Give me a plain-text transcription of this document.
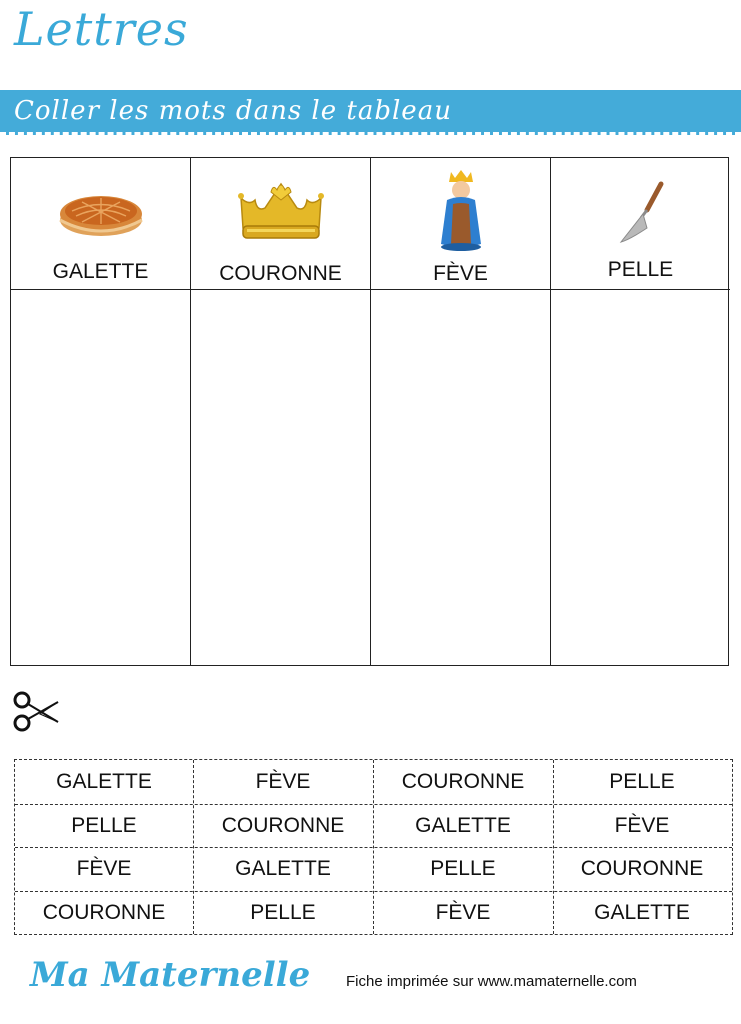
Lettres
Coller les mots dans le tableau
GALETTE	COURONNE	FÈVE	PELLE
GALETTE	FÈVE	COURONNE	PELLE
PELLE	COURONNE	GALETTE	FÈVE
FÈVE	GALETTE	PELLE	COURONNE
COURONNE	PELLE	FÈVE	GALETTE
Ma Maternelle Fiche imprimée sur www.mamaternelle.com
